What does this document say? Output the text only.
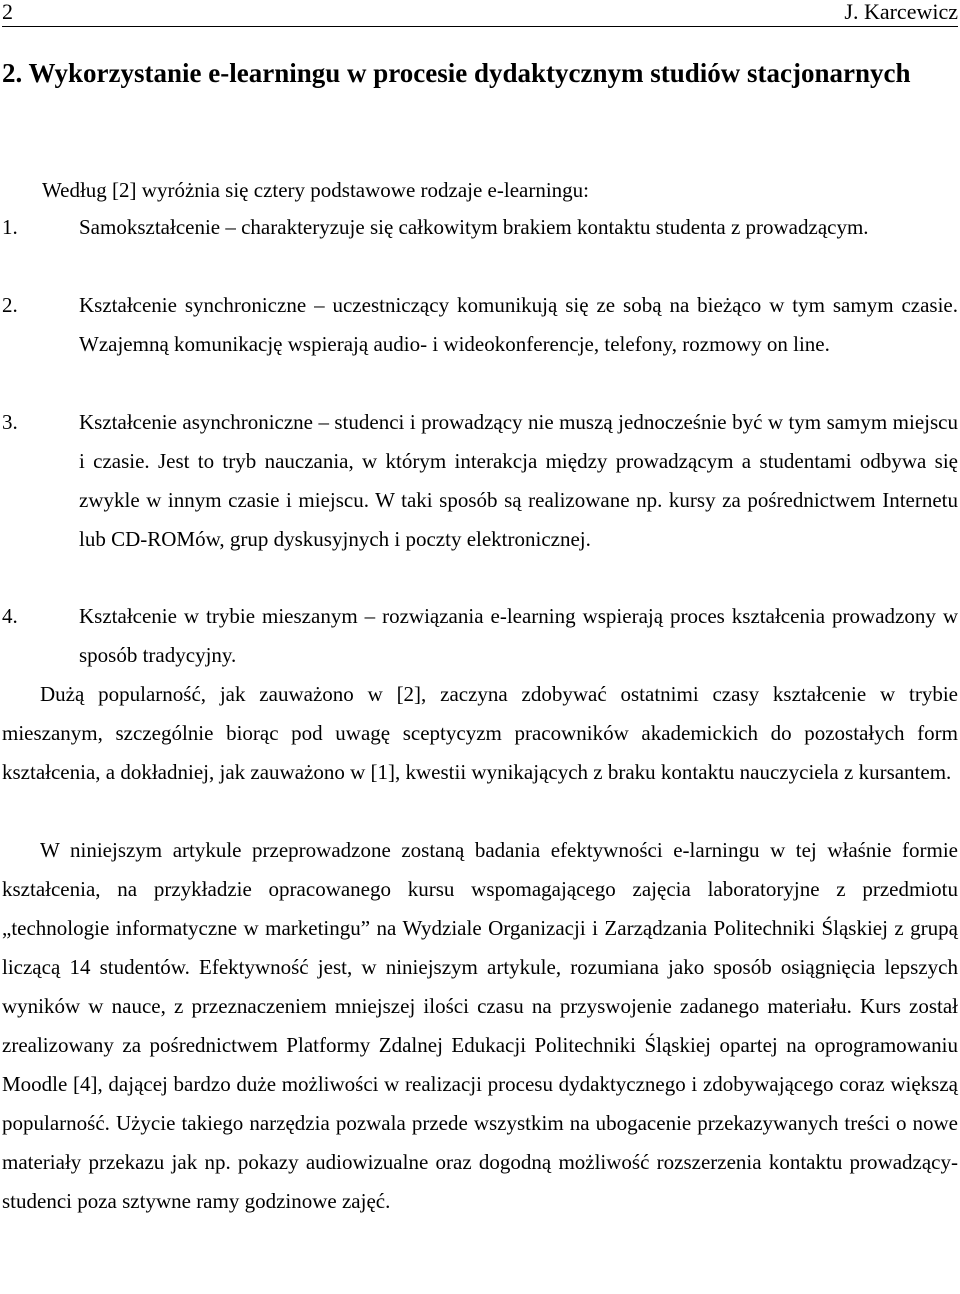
2	J. Karcewicz
2. Wykorzystanie e-learningu w procesie dydaktycznym studiów stacjonarnych

Według [2] wyróżnia się cztery podstawowe rodzaje e-learningu:

1.	Samokształcenie – charakteryzuje się całkowitym brakiem kontaktu studenta z prowadzącym.

2.	Kształcenie synchroniczne – uczestniczący komunikują się ze sobą na bieżąco w tym samym czasie. Wzajemną komunikację wspierają audio- i wideokonferencje, telefony, rozmowy on line.

3.	Kształcenie asynchroniczne – studenci i prowadzący nie muszą jednocześnie być w tym samym miejscu i czasie. Jest to tryb nauczania, w którym interakcja między prowadzącym a studentami odbywa się zwykle w innym czasie i miejscu. W taki sposób są realizowane np. kursy za pośrednictwem Internetu lub CD-ROMów, grup dyskusyjnych i poczty elektronicznej.

4.	Kształcenie w trybie mieszanym – rozwiązania e-learning wspierają proces kształcenia prowadzony w sposób tradycyjny.

Dużą popularność, jak zauważono w [2], zaczyna zdobywać ostatnimi czasy kształcenie w trybie mieszanym, szczególnie biorąc pod uwagę sceptycyzm pracowników akademickich do pozostałych form kształcenia, a dokładniej, jak zauważono w [1], kwestii wynikających z braku kontaktu nauczyciela z kursantem.

W niniejszym artykule przeprowadzone zostaną badania efektywności e-larningu w tej właśnie formie kształcenia, na przykładzie opracowanego kursu wspomagającego zajęcia laboratoryjne z przedmiotu „technologie informatyczne w marketingu” na Wydziale Organizacji i Zarządzania Politechniki Śląskiej z grupą liczącą 14 studentów. Efektywność jest, w niniejszym artykule, rozumiana jako sposób osiągnięcia lepszych wyników w nauce, z przeznaczeniem mniejszej ilości czasu na przyswojenie zadanego materiału. Kurs został zrealizowany za pośrednictwem Platformy Zdalnej Edukacji Politechniki Śląskiej opartej na oprogramowaniu Moodle [4], dającej bardzo duże możliwości w realizacji procesu dydaktycznego i zdobywającego coraz większą popularność. Użycie takiego narzędzia pozwala przede wszystkim na ubogacenie przekazywanych treści o nowe materiały przekazu jak np. pokazy audiowizualne oraz dogodną możliwość rozszerzenia kontaktu prowadzący-studenci poza sztywne ramy godzinowe zajęć.
